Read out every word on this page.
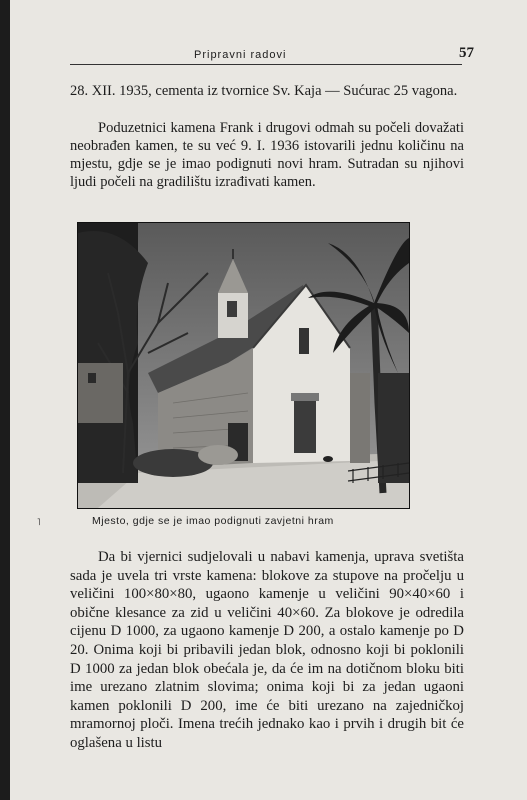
Pripravni radovi	57

28. XII. 1935, cementa iz tvornice Sv. Kaja — Sućurac 25 vagona.

Poduzetnici kamena Frank i drugovi odmah su počeli dovažati neobrađen kamen, te su već 9. I. 1936 istovarili jednu količinu na mjestu, gdje se je imao podignuti novi hram. Sutradan su njihovi ljudi počeli na gradilištu izrađivati kamen.

˥	Mjesto, gdje se je imao podignuti zavjetni hram

Da bi vjernici sudjelovali u nabavi kamenja, uprava svetišta sada je uvela tri vrste kamena: blokove za stupove na pročelju u veličini 100×80×80, ugaono kamenje u veličini 90×40×60 i obične klesance za zid u veličini 40×60. Za blokove je odredila cijenu D 1000, za ugaono kamenje D 200, a ostalo kamenje po D 20. Onima koji bi pribavili jedan blok, odnosno koji bi poklonili D 1000 za jedan blok obećala je, da će im na dotičnom bloku biti ime urezano zlatnim slovima; onima koji bi za jedan ugaoni kamen poklonili D 200, ime će biti urezano na zajedničkoj mramornoj ploči. Imena trećih jednako kao i prvih i drugih bit će oglašena u listu
